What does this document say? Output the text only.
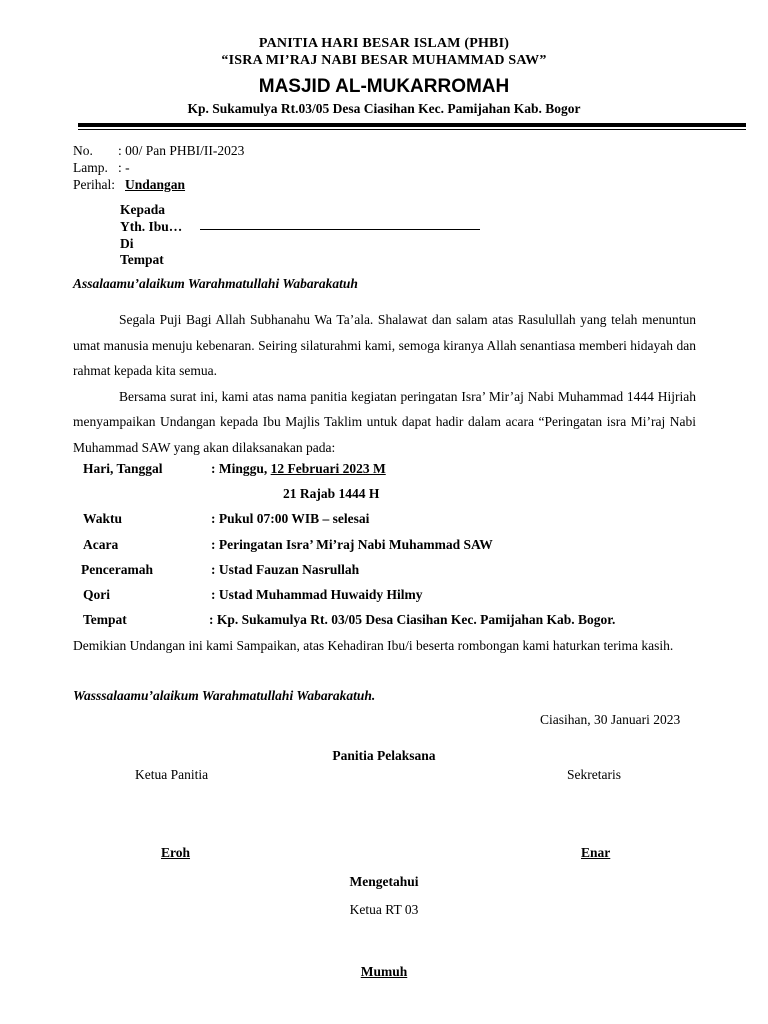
PANITIA HARI BESAR ISLAM (PHBI)
“ISRA MI’RAJ NABI BESAR MUHAMMAD SAW”
MASJID AL-MUKARROMAH
Kp. Sukamulya Rt.03/05 Desa Ciasihan Kec. Pamijahan Kab. Bogor
No. : 00/ Pan PHBI/II-2023
Lamp. : -
Perihal: Undangan
Kepada
Yth. Ibu…
Di
Tempat
Assalaamu’alaikum Warahmatullahi Wabarakatuh

Segala Puji Bagi Allah Subhanahu Wa Ta’ala. Shalawat dan salam atas Rasulullah yang telah menuntun umat manusia menuju kebenaran. Seiring silaturahmi kami, semoga kiranya Allah senantiasa memberi hidayah dan rahmat kepada kita semua.

Bersama surat ini, kami atas nama panitia kegiatan peringatan Isra’ Mir’aj Nabi Muhammad 1444 Hijriah menyampaikan Undangan kepada Ibu Majlis Taklim untuk dapat hadir dalam acara “Peringatan isra Mi’raj Nabi Muhammad SAW yang akan dilaksanakan pada:

Hari, Tanggal	: Minggu, 12 Februari 2023 M
21 Rajab 1444 H
Waktu	: Pukul 07:00 WIB – selesai
Acara	: Peringatan Isra’ Mi’raj Nabi Muhammad SAW
Penceramah	: Ustad Fauzan Nasrullah
Qori	: Ustad Muhammad Huwaidy Hilmy
Tempat	: Kp. Sukamulya Rt. 03/05 Desa Ciasihan Kec. Pamijahan Kab. Bogor.

Demikian Undangan ini kami Sampaikan, atas Kehadiran Ibu/i beserta rombongan kami haturkan terima kasih.

Wasssalaamu’alaikum Warahmatullahi Wabarakatuh.
Ciasihan, 30 Januari 2023
Panitia Pelaksana
Ketua Panitia	Sekretaris
Eroh	Enar
Mengetahui
Ketua RT 03
Mumuh
